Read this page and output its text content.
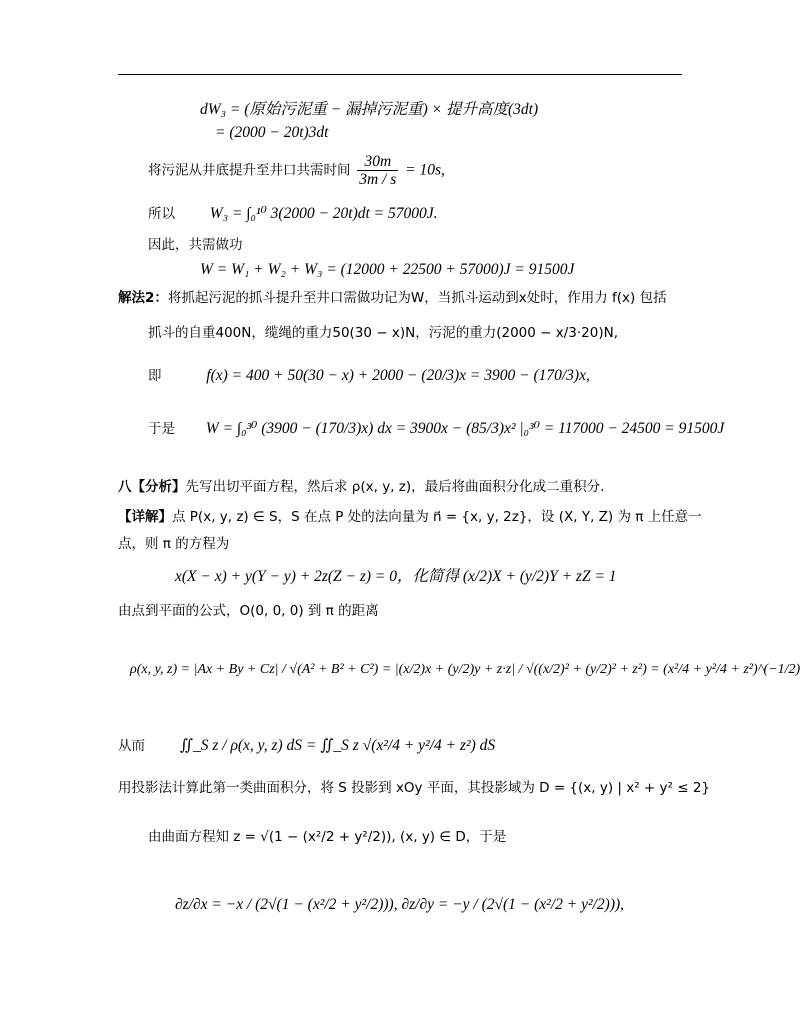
dW₃ = (原始污泥重 − 漏掉污泥重) × 提升高度(3dt)
= (2000 − 20t)3dt
将污泥从井底提升至井口共需时间 $\frac{30m}{3m / s} = 10s$,
所以 W₃ = ∫₀¹⁰ 3(2000 − 20t)dt = 57000J.
因此，共需做功
W = W₁ + W₂ + W₃ = (12000 + 22500 + 57000)J = 91500J
解法2：将抓起污泥的抓斗提升至井口需做功记为W，当抓斗运动到x处时，作用力 f(x) 包括
抓斗的自重400N，缆绳的重力50(30 − x)N，污泥的重力(2000 − x/3·20)N,
即	f(x) = 400 + 50(30 − x) + 2000 − (20/3)x = 3900 − (170/3)x,
于是 W = ∫₀³⁰ (3900 − (170/3)x) dx = 3900x − (85/3)x² |₀³⁰ = 117000 − 24500 = 91500J
八【分析】先写出切平面方程，然后求 ρ(x, y, z)，最后将曲面积分化成二重积分.
【详解】点 P(x, y, z) ∈ S，S 在点 P 处的法向量为 n⃗ = {x, y, 2z}，设 (X, Y, Z) 为 π 上任意一
点，则 π 的方程为
x(X − x) + y(Y − y) + 2z(Z − z) = 0，化简得 (x/2)X + (y/2)Y + zZ = 1
由点到平面的公式，O(0, 0, 0) 到 π 的距离
ρ(x, y, z) = |Ax + By + Cz| / √(A² + B² + C²) = |(x/2)x + (y/2)y + z·z| / √((x/2)² + (y/2)² + z²) = (x²/4 + y²/4 + z²)^(−1/2)
从而 ∬_S z / ρ(x, y, z) dS = ∬_S z √(x²/4 + y²/4 + z²) dS
用投影法计算此第一类曲面积分，将 S 投影到 xOy 平面，其投影域为 D = {(x, y) | x² + y² ≤ 2}
由曲面方程知 z = √(1 − (x²/2 + y²/2)), (x, y) ∈ D，于是
∂z/∂x = −x / (2√(1 − (x²/2 + y²/2))), ∂z/∂y = −y / (2√(1 − (x²/2 + y²/2))),
